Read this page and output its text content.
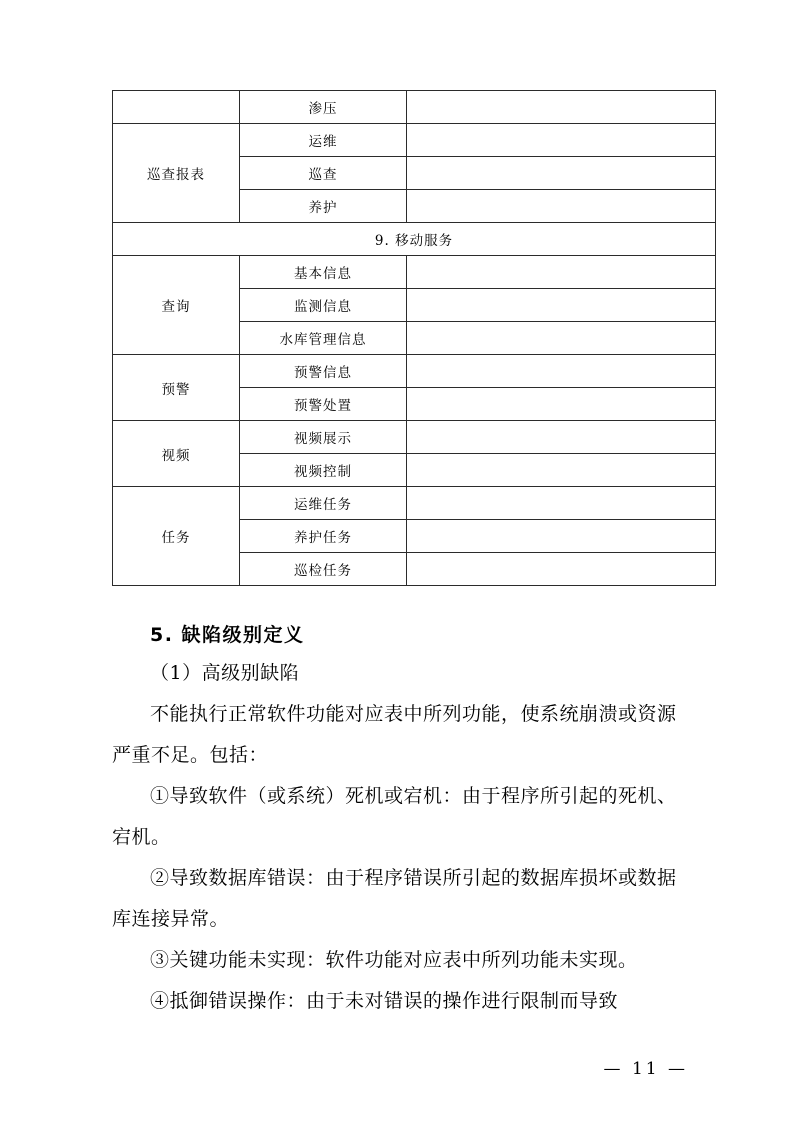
	渗压	
巡查报表	运维	
	巡查	
	养护	
9. 移动服务		
查询	基本信息	
	监测信息	
	水库管理信息	
预警	预警信息	
	预警处置	
视频	视频展示	
	视频控制	
任务	运维任务	
	养护任务	
	巡检任务	
5. 缺陷级别定义

（1）高级别缺陷

不能执行正常软件功能对应表中所列功能，使系统崩溃或资源严重不足。包括：

①导致软件（或系统）死机或宕机：由于程序所引起的死机、宕机。

②导致数据库错误：由于程序错误所引起的数据库损坏或数据库连接异常。

③关键功能未实现：软件功能对应表中所列功能未实现。

④抵御错误操作：由于未对错误的操作进行限制而导致

— 11 —
